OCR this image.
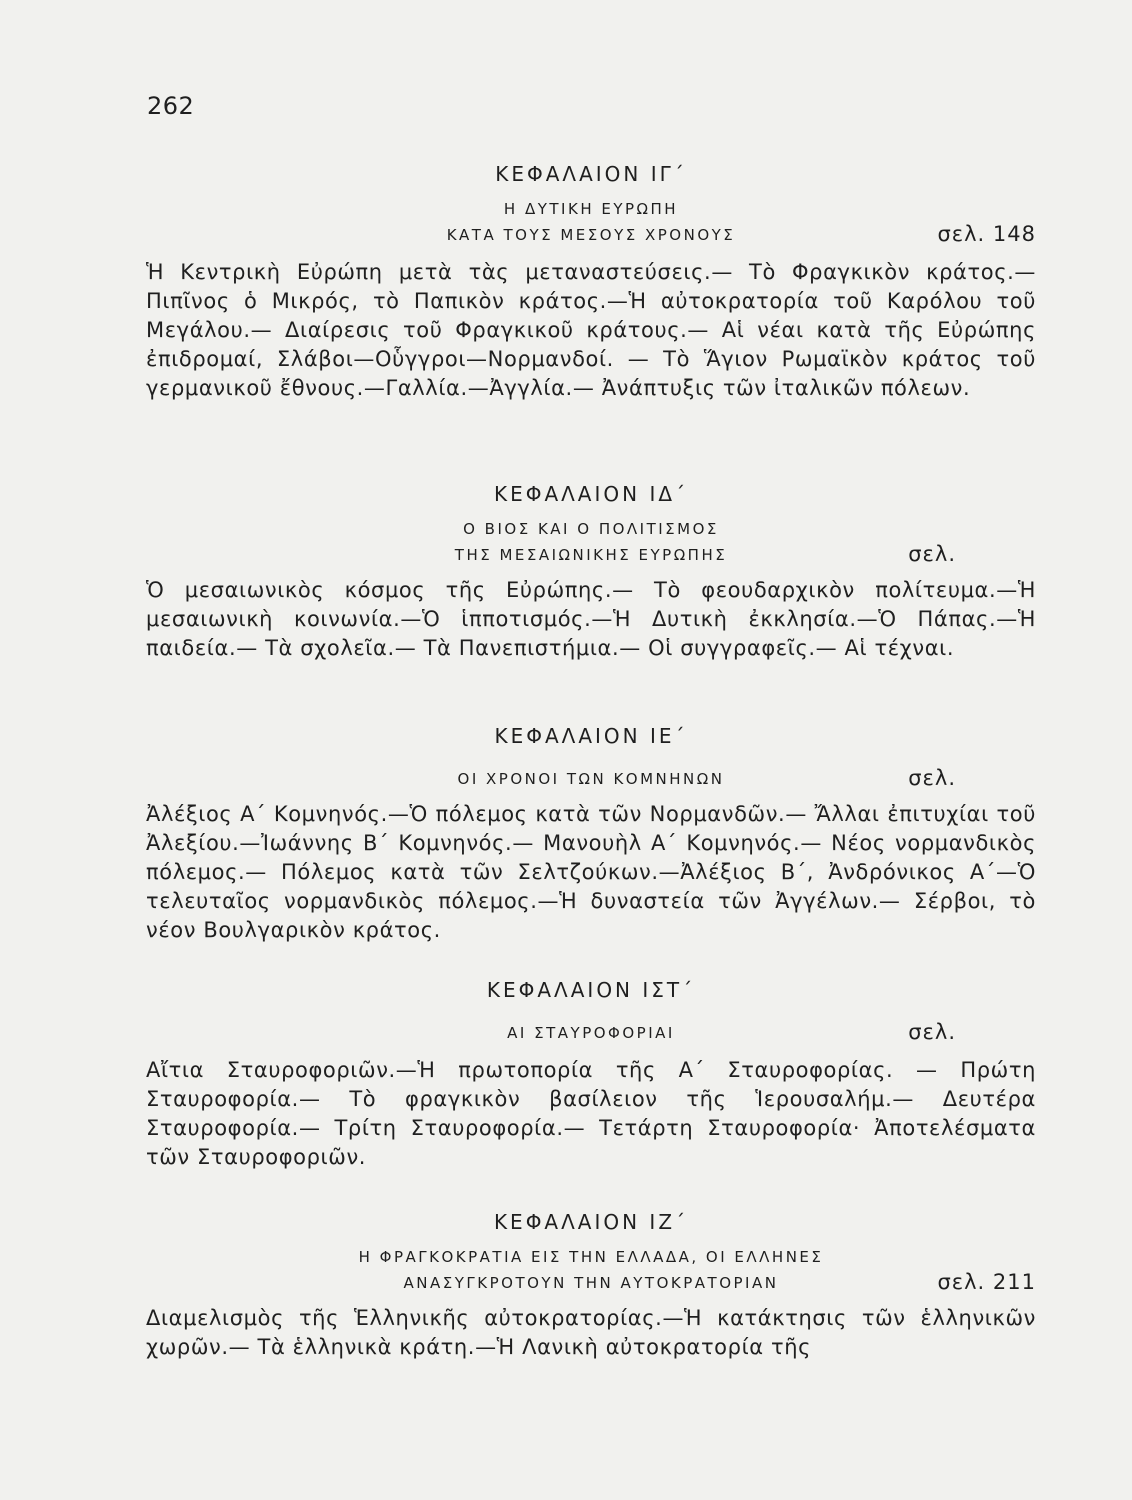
262

ΚΕΦΑΛΑΙΟΝ ΙΓ΄

Η ΔΥΤΙΚΗ ΕΥΡΩΠΗ

ΚΑΤΑ ΤΟΥΣ ΜΕΣΟΥΣ ΧΡΟΝΟΥΣ	σελ. 148

Ἡ Κεντρικὴ Εὐρώπη μετὰ τὰς μεταναστεύσεις.— Τὸ Φραγκικὸν κράτος.— Πιπῖνος ὁ Μικρός, τὸ Παπικὸν κράτος.—Ἡ αὐτοκρατορία τοῦ Καρόλου τοῦ Μεγάλου.— Διαίρεσις τοῦ Φραγκικοῦ κράτους.— Αἱ νέαι κατὰ τῆς Εὐρώπης ἐπιδρομαί, Σλάβοι—Οὗγγροι—Νορμανδοί. — Τὸ Ἅγιον Ρωμαϊκὸν κράτος τοῦ γερμανικοῦ ἔθνους.—Γαλλία.—Ἀγγλία.— Ἀνάπτυξις τῶν ἰταλικῶν πόλεων.

ΚΕΦΑΛΑΙΟΝ ΙΔ΄

Ο ΒΙΟΣ ΚΑΙ Ο ΠΟΛΙΤΙΣΜΟΣ

ΤΗΣ ΜΕΣΑΙΩΝΙΚΗΣ ΕΥΡΩΠΗΣ	σελ.

Ὁ μεσαιωνικὸς κόσμος τῆς Εὐρώπης.— Τὸ φεουδαρχικὸν πολίτευμα.—Ἡ μεσαιωνικὴ κοινωνία.—Ὁ ἱπποτισμός.—Ἡ Δυτικὴ ἐκκλησία.—Ὁ Πάπας.—Ἡ παιδεία.— Τὰ σχολεῖα.— Τὰ Πανεπιστήμια.— Οἱ συγγραφεῖς.— Αἱ τέχναι.

ΚΕΦΑΛΑΙΟΝ ΙΕ΄

ΟΙ ΧΡΟΝΟΙ ΤΩΝ ΚΟΜΝΗΝΩΝ	σελ.

Ἀλέξιος Α΄ Κομνηνός.—Ὁ πόλεμος κατὰ τῶν Νορμανδῶν.— Ἄλλαι ἐπιτυχίαι τοῦ Ἀλεξίου.—Ἰωάννης Β΄ Κομνηνός.— Μανουὴλ Α΄ Κομνηνός.— Νέος νορμανδικὸς πόλεμος.— Πόλεμος κατὰ τῶν Σελτζούκων.—Ἀλέξιος Β΄, Ἀνδρόνικος Α΄—Ὁ τελευταῖος νορμανδικὸς πόλεμος.—Ἡ δυναστεία τῶν Ἀγγέλων.— Σέρβοι, τὸ νέον Βουλγαρικὸν κράτος.

ΚΕΦΑΛΑΙΟΝ ΙΣΤ΄

ΑΙ ΣΤΑΥΡΟΦΟΡΙΑΙ	σελ.

Αἴτια Σταυροφοριῶν.—Ἡ πρωτοπορία τῆς Α΄ Σταυροφορίας. — Πρώτη Σταυροφορία.— Τὸ φραγκικὸν βασίλειον τῆς Ἱερουσαλήμ.— Δευτέρα Σταυροφορία.— Τρίτη Σταυροφορία.— Τετάρτη Σταυροφορία· Ἀποτελέσματα τῶν Σταυροφοριῶν.

ΚΕΦΑΛΑΙΟΝ ΙΖ΄

Η ΦΡΑΓΚΟΚΡΑΤΙΑ ΕΙΣ ΤΗΝ ΕΛΛΑΔΑ, ΟΙ ΕΛΛΗΝΕΣ

ΑΝΑΣΥΓΚΡΟΤΟΥΝ ΤΗΝ ΑΥΤΟΚΡΑΤΟΡΙΑΝ	σελ. 211

Διαμελισμὸς τῆς Ἑλληνικῆς αὐτοκρατορίας.—Ἡ κατάκτησις τῶν ἑλληνικῶν χωρῶν.— Τὰ ἑλληνικὰ κράτη.—Ἡ Λανικὴ αὐτοκρατορία τῆς
